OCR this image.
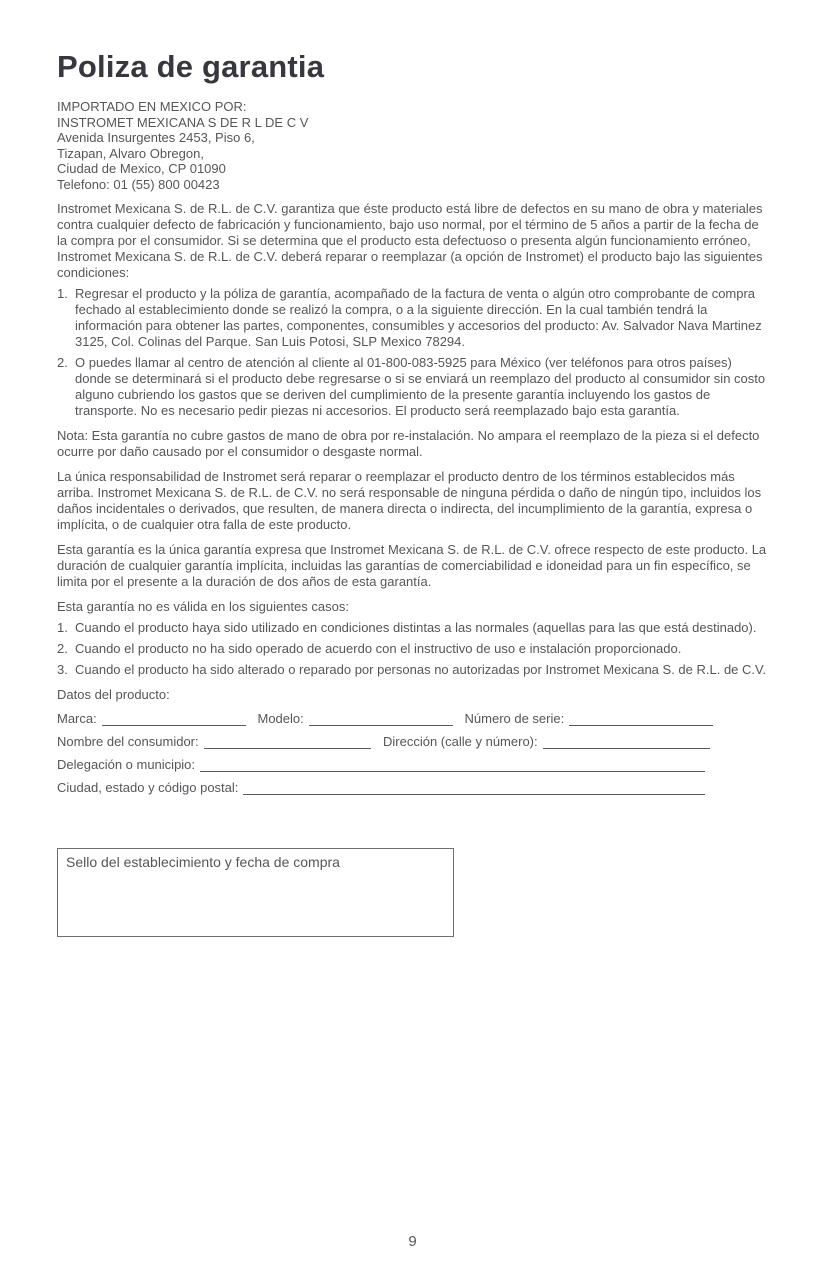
Poliza de garantia
IMPORTADO EN MEXICO POR:
INSTROMET MEXICANA S DE R L DE C V
Avenida Insurgentes 2453, Piso 6,
Tizapan, Alvaro Obregon,
Ciudad de Mexico, CP 01090
Telefono: 01 (55) 800 00423

Instromet Mexicana S. de R.L. de C.V. garantiza que éste producto está libre de defectos en su mano de obra y materiales contra cualquier defecto de fabricación y funcionamiento, bajo uso normal, por el término de 5 años a partir de la fecha de la compra por el consumidor. Si se determina que el producto esta defectuoso o presenta algún funcionamiento erróneo, Instromet Mexicana S. de R.L. de C.V. deberá reparar o reemplazar (a opción de Instromet) el producto bajo las siguientes condiciones:

1. Regresar el producto y la póliza de garantía, acompañado de la factura de venta o algún otro comprobante de compra fechado al establecimiento donde se realizó la compra, o a la siguiente dirección. En la cual también tendrá la información para obtener las partes, componentes, consumibles y accesorios del producto: Av. Salvador Nava Martinez 3125, Col. Colinas del Parque. San Luis Potosi, SLP Mexico 78294.
2. O puedes llamar al centro de atención al cliente al 01-800-083-5925 para México (ver teléfonos para otros países) donde se determinará si el producto debe regresarse o si se enviará un reemplazo del producto al consumidor sin costo alguno cubriendo los gastos que se deriven del cumplimiento de la presente garantía incluyendo los gastos de transporte. No es necesario pedir piezas ni accesorios. El producto será reemplazado bajo esta garantía.

Nota: Esta garantía no cubre gastos de mano de obra por re-instalación. No ampara el reemplazo de la pieza si el defecto ocurre por daño causado por el consumidor o desgaste normal.

La única responsabilidad de Instromet será reparar o reemplazar el producto dentro de los términos establecidos más arriba. Instromet Mexicana S. de R.L. de C.V. no será responsable de ninguna pérdida o daño de ningún tipo, incluidos los daños incidentales o derivados, que resulten, de manera directa o indirecta, del incumplimiento de la garantía, expresa o implícita, o de cualquier otra falla de este producto.

Esta garantía es la única garantía expresa que Instromet Mexicana S. de R.L. de C.V. ofrece respecto de este producto. La duración de cualquier garantía implícita, incluidas las garantías de comerciabilidad e idoneidad para un fin específico, se limita por el presente a la duración de dos años de esta garantía.

Esta garantía no es válida en los siguientes casos:

1. Cuando el producto haya sido utilizado en condiciones distintas a las normales (aquellas para las que está destinado).
2. Cuando el producto no ha sido operado de acuerdo con el instructivo de uso e instalación proporcionado.
3. Cuando el producto ha sido alterado o reparado por personas no autorizadas por Instromet Mexicana S. de R.L. de C.V.

Datos del producto:

Marca:	Modelo:	Número de serie:
Nombre del consumidor:	Dirección (calle y número):
Delegación o municipio:
Ciudad, estado y código postal:
Sello del establecimiento y fecha de compra
9
